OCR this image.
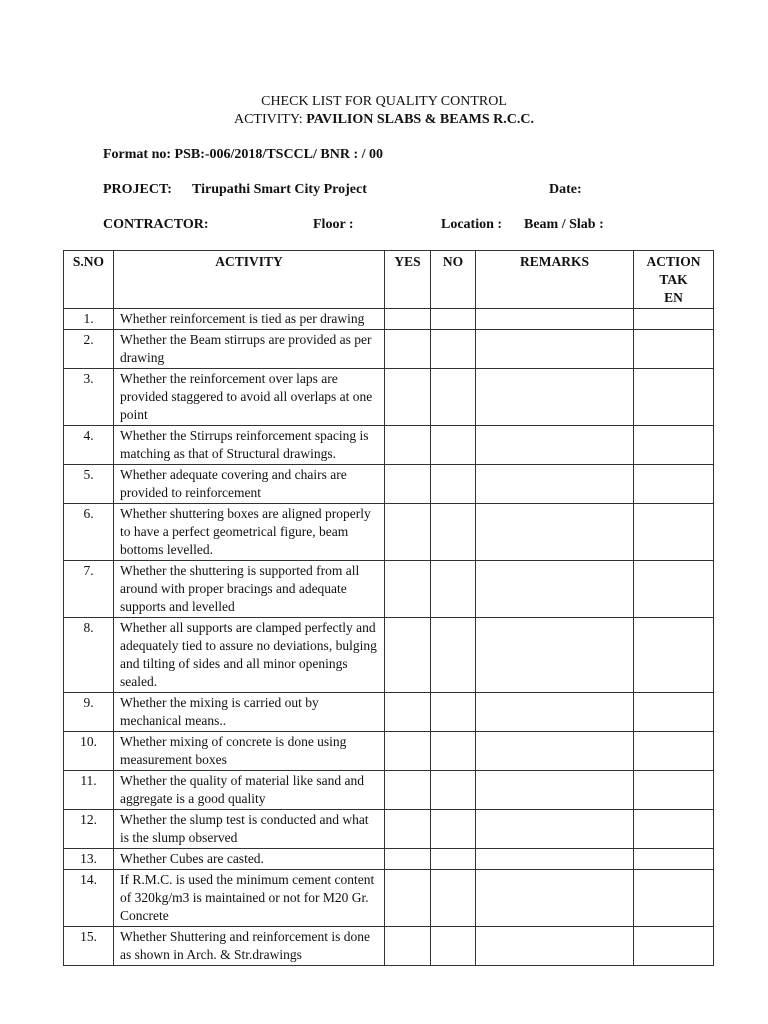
CHECK LIST FOR QUALITY CONTROL
ACTIVITY: PAVILION SLABS & BEAMS R.C.C.
Format no: PSB:-006/2018/TSCCL/ BNR : / 00
PROJECT: Tirupathi Smart City Project	Date:
CONTRACTOR:	Floor :	Location : Beam / Slab :
S.NO	ACTIVITY	YES	NO	REMARKS	ACTION
TAK
EN

1.	Whether reinforcement is tied as per drawing				
2.	Whether the Beam stirrups are provided as per drawing				
3.	Whether the reinforcement over laps are provided staggered to avoid all overlaps at one point				
4.	Whether the Stirrups reinforcement spacing is matching as that of Structural drawings.				
5.	Whether adequate covering and chairs are provided to reinforcement				
6.	Whether shuttering boxes are aligned properly to have a perfect geometrical figure, beam bottoms levelled.				
7.	Whether the shuttering is supported from all around with proper bracings and adequate supports and levelled				
8.	Whether all supports are clamped perfectly and adequately tied to assure no deviations, bulging and tilting of sides and all minor openings sealed.				
9.	Whether the mixing is carried out by mechanical means..				
10.	Whether mixing of concrete is done using measurement boxes				
11.	Whether the quality of material like sand and aggregate is a good quality				
12.	Whether the slump test is conducted and what is the slump observed				
13.	Whether Cubes are casted.				
14.	If R.M.C. is used the minimum cement content of 320kg/m3 is maintained or not for M20 Gr. Concrete				
15.	Whether Shuttering and reinforcement is done as shown in Arch. & Str.drawings				
